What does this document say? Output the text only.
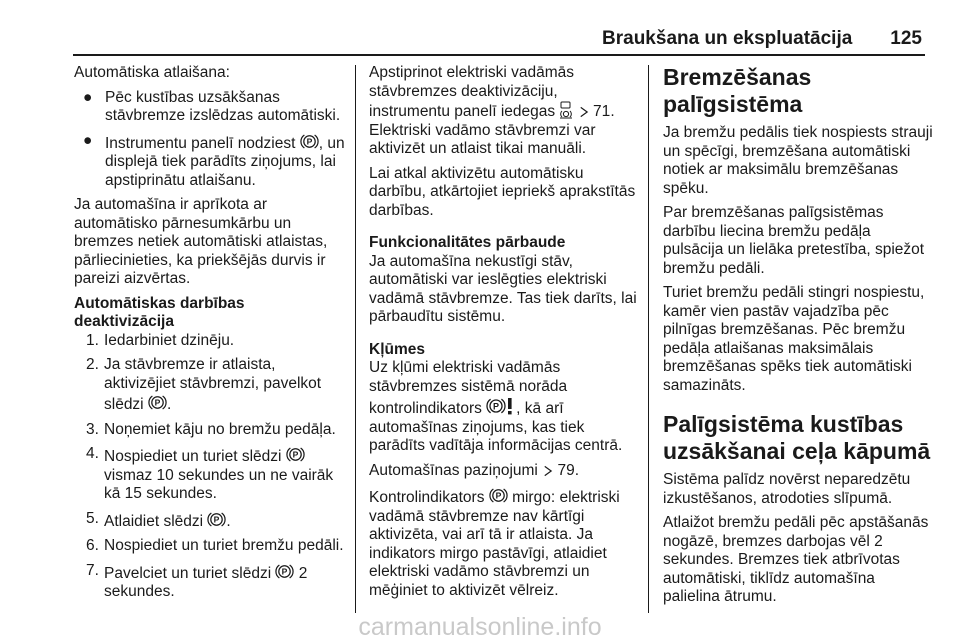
Braukšana un ekspluatācija 125

Automātiska atlaišana:

● Pēc kustības uzsākšanas stāvbremze izslēdzas automātiski.
● Instrumentu panelī nodziest , un displejā tiek parādīts ziņojums, lai apstiprinātu atlaišanu.

Ja automašīna ir aprīkota ar automātisko pārnesumkārbu un bremzes netiek automātiski atlaistas, pārliecinieties, ka priekšējās durvis ir pareizi aizvērtas.

Automātiskas darbības deaktivizācija

1. Iedarbiniet dzinēju.
2. Ja stāvbremze ir atlaista, aktivizējiet stāvbremzi, pavelkot slēdzi .
3. Noņemiet kāju no bremžu pedāļa.
4. Nospiediet un turiet slēdzi  vismaz 10 sekundes un ne vairāk kā 15 sekundes.
5. Atlaidiet slēdzi .
6. Nospiediet un turiet bremžu pedāli.
7. Pavelciet un turiet slēdzi  2 sekundes.

Apstiprinot elektriski vadāmās stāvbremzes deaktivizāciju, instrumentu panelī iedegas   71. Elektriski vadāmo stāvbremzi var aktivizēt un atlaist tikai manuāli.

Lai atkal aktivizētu automātisku darbību, atkārtojiet iepriekš aprakstītās darbības.

Funkcionalitātes pārbaude

Ja automašīna nekustīgi stāv, automātiski var ieslēgties elektriski vadāmā stāvbremze. Tas tiek darīts, lai pārbaudītu sistēmu.

Kļūmes

Uz kļūmi elektriski vadāmās stāvbremzes sistēmā norāda kontrolindikators P , kā arī automašīnas ziņojums, kas tiek parādīts vadītāja informācijas centrā.

Automašīnas paziņojumi  79.

Kontrolindikators  mirgo: elektriski vadāmā stāvbremze nav kārtīgi aktivizēta, vai arī tā ir atlaista. Ja indikators mirgo pastāvīgi, atlaidiet elektriski vadāmo stāvbremzi un mēģiniet to aktivizēt vēlreiz.

Bremzēšanas palīgsistēma

Ja bremžu pedālis tiek nospiests strauji un spēcīgi, bremzēšana automātiski notiek ar maksimālu bremzēšanas spēku.

Par bremzēšanas palīgsistēmas darbību liecina bremžu pedāļa pulsācija un lielāka pretestība, spiežot bremžu pedāli.

Turiet bremžu pedāli stingri nospiestu, kamēr vien pastāv vajadzība pēc pilnīgas bremzēšanas. Pēc bremžu pedāļa atlaišanas maksimālais bremzēšanas spēks tiek automātiski samazināts.

Palīgsistēma kustības uzsākšanai ceļa kāpumā

Sistēma palīdz novērst neparedzētu izkustēšanos, atrodoties slīpumā.

Atlaižot bremžu pedāli pēc apstāšanās nogāzē, bremzes darbojas vēl 2 sekundes. Bremzes tiek atbrīvotas automātiski, tiklīdz automašīna palielina ātrumu.

carmanualsonline.info
